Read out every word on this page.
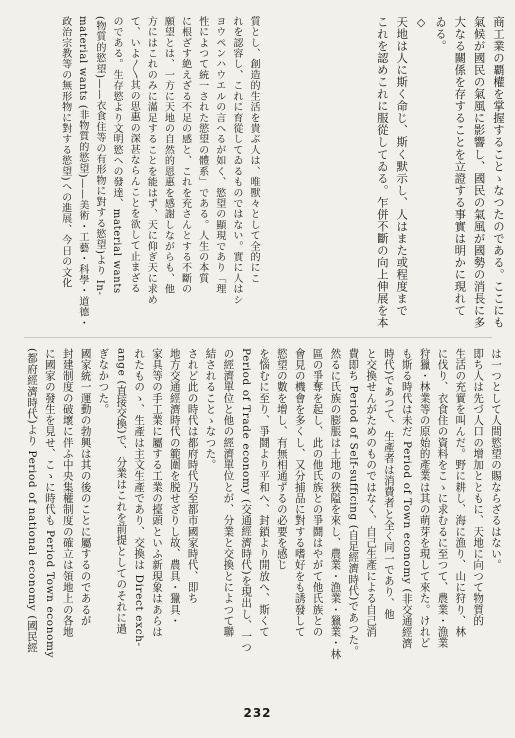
商工業の覇權を掌握することゝなつたのである。ここにも
氣候が國民の氣風に影響し、國民の氣風が國勢の消長に多
大なる關係を存することを立證する事實は明かに現れて
ゐる。
◇
天地は人に斯く命じ、斯く默示し、人はまた或程度まで
これを認めこれに服從してゐる。乍併不斷の向上伸展を本
質とし、創造的生活を貴ぶ人は、唯獸々として全的にこ
れを認容し、これに育從してゐるものではない。實に人はシ
ヨウペンハウエルの言へるが如く、慾望の顯現であり「理
性によつて統一された慾望の體系」である。人生の本質
に根ざす絶えざる不足の感と、これを充さんとする不斷の
願望とは、一方に天地の自然的恩惠を感謝しながらも、他
方にはこれのみに滿足することを能はず、天に仰ぎ天に求め
て、いよ〳〵其の思惠の深甚ならんことを欲して止まざる
のである。生存慾より文明慾への發達、material wants
(物質的慾望)——衣食住等の有形物に對する慾望)より In-
material wants (非物質的慾望)——美術・工藝・科學・道德・
政治宗教等の無形物に對する慾望)への進展、今日の文化
は一つとして人間慾望の賜ならざるはない。
即ち人は先づ人口の增加とともに、天地に向つて物質的
生活の充實を叫んだ。野に耕し、海に漁り、山に狩り、林
に伐り、衣食住の資料をこゝに求むるに至つて、農業・漁業
狩獵・林業等の原始的產業は其の萌芽を現して來た。けれど
も斯る時代は未だ Period of Town economy (非交通經濟
時代)であつて、生產者は消費者と全く同一であり、他
と交換せんがためのものではなく、自己生產による自己消
費即ち Period of Self-sufficing (自足經濟時代)であつた。
然るに氏族の膨脹は土地の狹隘を來し、農業・漁業・獵業・林
區の爭奪を起し、此の他氏族との爭鬪はやがて他氏族との
會見の機會を多くし、又分捕品に對する嗜好をも誘發して
慾望の數を增し、有無相通ずるの必要を感じ
を惱むに至り、爭鬪より平和へ、封鎖より開放へ、斯くて
Period of Trade economy (交通經濟時代)を現出し、一つ
の經濟單位と他の經濟單位とが、分業と交換とによつて聯
結されることゝなつた。
されど此の時代は都府時代乃至都市國家時代、即ち
地方交通經濟時代の範圍を脱せざりし故、農具・獵具・
家具等の手工業に屬する工業の擡頭といふ新現象はあらは
れたものゝ、生產は主文生產であり、交換は Direct exch-
ange (直接交換)で、分業はこれを前提としてのそれに過
ぎなかつた。
國家統一運動の勃興は其の後のことに屬するのであるが
封建制度の破壞に伴ふ中央集權制度の確立は領地上の各地
に國家の發生を見せ、こゝに時代も Period Town economy
(都府經濟時代)より Period of national economy (國民經
232
